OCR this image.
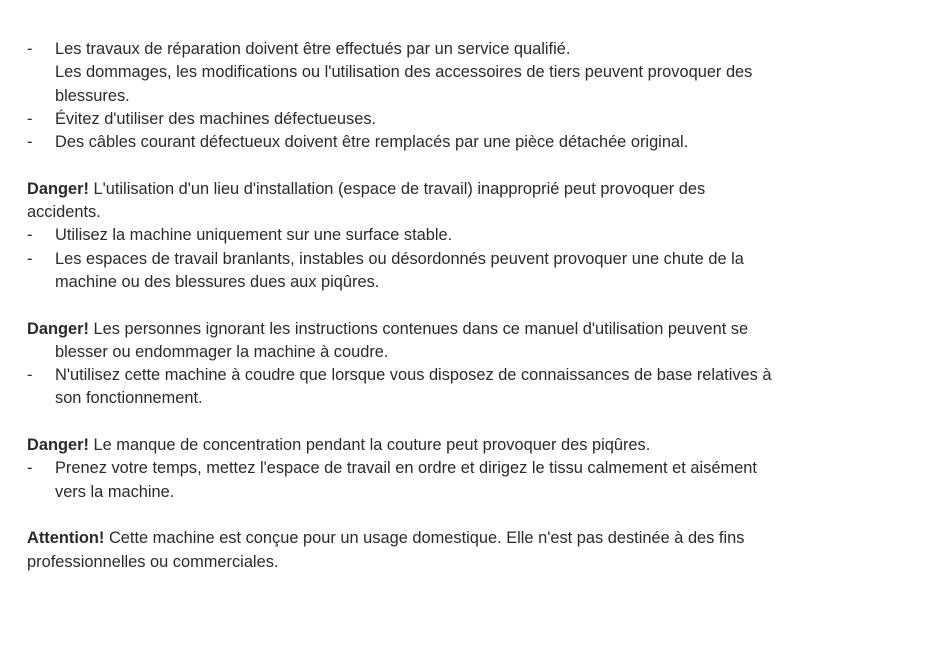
- Les travaux de réparation doivent être effectués par un service qualifié.
Les dommages, les modifications ou l'utilisation des accessoires de tiers peuvent provoquer des
blessures.
- Évitez d'utiliser des machines défectueuses.
- Des câbles courant défectueux doivent être remplacés par une pièce détachée original.
Danger! L'utilisation d'un lieu d'installation (espace de travail) inapproprié peut provoquer des
accidents.
- Utilisez la machine uniquement sur une surface stable.
- Les espaces de travail branlants, instables ou désordonnés peuvent provoquer une chute de la
machine ou des blessures dues aux piqûres.
Danger! Les personnes ignorant les instructions contenues dans ce manuel d'utilisation peuvent se
blesser ou endommager la machine à coudre.
- N'utilisez cette machine à coudre que lorsque vous disposez de connaissances de base relatives à
son fonctionnement.
Danger! Le manque de concentration pendant la couture peut provoquer des piqûres.
- Prenez votre temps, mettez l'espace de travail en ordre et dirigez le tissu calmement et aisément
vers la machine.
Attention! Cette machine est conçue pour un usage domestique. Elle n'est pas destinée à des fins
professionnelles ou commerciales.
